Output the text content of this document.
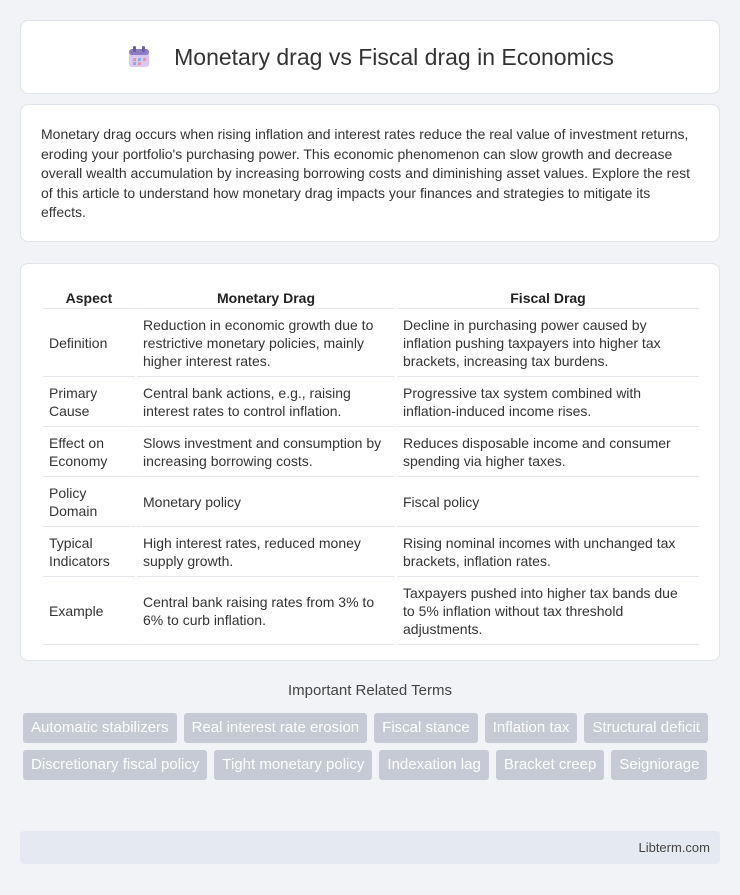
Monetary drag vs Fiscal drag in Economics

Monetary drag occurs when rising inflation and interest rates reduce the real value of investment returns, eroding your portfolio's purchasing power. This economic phenomenon can slow growth and decrease overall wealth accumulation by increasing borrowing costs and diminishing asset values. Explore the rest of this article to understand how monetary drag impacts your finances and strategies to mitigate its effects.

Aspect	Monetary Drag	Fiscal Drag
Definition	Reduction in economic growth due to restrictive monetary policies, mainly higher interest rates.	Decline in purchasing power caused by inflation pushing taxpayers into higher tax brackets, increasing tax burdens.
Primary Cause	Central bank actions, e.g., raising interest rates to control inflation.	Progressive tax system combined with inflation-induced income rises.
Effect on Economy	Slows investment and consumption by increasing borrowing costs.	Reduces disposable income and consumer spending via higher taxes.
Policy Domain	Monetary policy	Fiscal policy
Typical Indicators	High interest rates, reduced money supply growth.	Rising nominal incomes with unchanged tax brackets, inflation rates.
Example	Central bank raising rates from 3% to 6% to curb inflation.	Taxpayers pushed into higher tax bands due to 5% inflation without tax threshold adjustments.
Important Related Terms
Automatic stabilizers	Real interest rate erosion	Fiscal stance	Inflation tax	Structural deficit
Discretionary fiscal policy	Tight monetary policy	Indexation lag	Bracket creep	Seigniorage
Libterm.com
